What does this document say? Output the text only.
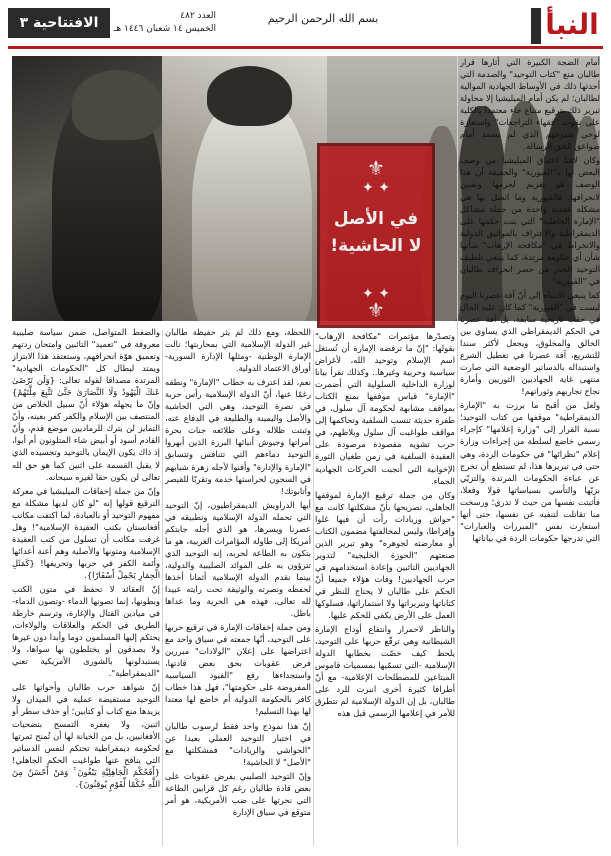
الافتتاحية ٣	العدد ٤٨٢
الخميس ١٤ شعبان ١٤٤٦ هـ
بسم الله الرحمن الرحيم	النبأ
⚜
✦ ✦
في الأصل
لا الحاشية!
✦ ✦
⚜

أمام الضجة الكبيرة التي أثارها قرار طالبان منع "كتاب التوحيد" والصدمة التي أحدثها ذلك في الأوساط الجهادية الموالية لطالبان؛ لم يكن أمام الميليشيا إلا محاولة تبرير ذلك بترقيع متناع جاء معتمدا بالكلية على نقوت "فقهاء التراجعات" واستعارة لوحي شيوخهم الذي لم يصمد أمام صواعق الحق الرسالة.

وكان لافتا اعتناق الميليشيا من وصف البعض لها بـ"القبورية" والحقيقة أن هذا الوصف هو تقزيم لجرمها وتقنين لانحرافها، فالقبورية وما اتصل بها هي مشكلة عقدية واحدة من جملة مشاكل "الإمارة الجاهلية" التي بنت حكمها على الديمقراطية والاعتراف بالمواثيق الدولية والانخراط في "مكافحة الإرهاب" شأنها شأن أي حكومة مرتدة، كما ينبغي تلطيف التوحيد الحذر من حصر انحراف طالبان في "القبورية".

كما ينبغي الانتباه إلى أنّ آفة عصرنا اليوم ليست في "القبورية" كما كان عليه الحال في حقب تاريخية سابقة، بل آفة عصرنا في الحكم الديمقراطي الذي يساوي بين الخالق والمخلوق، ويجعل لأكثر سندا للتشريع، آفة عصرنا في تعطيل الشرع واستبداله بالدساتير الوضعية التي صارت منتهى غاية الجهاديين الثوريين وأمارة نجاح تجاربهم وثوراتهم!

ولعل من أقبح ما برزت به "الإمارة الديمقراطية" موقفها من كتاب التوحيد؛ نسبة القرار إلى "وزارة إعلامها" كإجراء رسمي خاضع لسلطة من إجراءات وزارة إعلام "نظرائها" في حكومات الردة، وهي حتى في تبريرها هذا، لم تستطع أن تخرج عن عباءة الحكومات المرتدة والتزيّي بزيّها والتأسي بسياساتها قولا وفعلا، فأثبتت نفسها من حيث لا تدري؛ ورسخت منا تقاتلت لتنفيه عن نفسها، حتى أنها استعارت نفس "المبررات والعبارات" التي تدرجها حكومات الردة في بياناتها

وتصدّرها مؤتمرات "مكافحة الإرهاب" بقولها: "إنّ ما ترفضه الإمارة أن تُستغل اسم الإسلام وتوحيد الله، لأغراض سياسية وحربية وغيرها.. وكذلك تقرأ بيانا لوزارة الداخلية السلولية التي أضمرت "الإمارة" قياس موقفها بمنع الكتاب بمواقف مشابهة لحكومة آل سلول، في طفرة حديثة تنسب السلفية وتحاكمها إلى مواقف طواغيت آل سلول وبلاطهم، في حرب تشويه مقصودة مرصودة على العقيدة السلفية في زمن طغيان الثورة الإخوانية التي أنجبت الحركات الجهادية الجماء.

وكان من جملة ترقيع الإمارة لموقفها الجاهلي، تصريحها بأنّ مشكلتها كانت مع "حواش وزيادات رأت أن فيها غلوا وإفراطا، وليس لمخالفتها مضمون الكتاب أو معارضته لجوهره" وهو تبرير الذين صنعتهم "الحوزة الخليجية" لتدوير الجهاديين التائبين وإعادة استخدامهم في حرب الجهاديين! وفات هؤلاء جميعا أنّ الحكم على طالبان لا يحتاج للنظر في كتاباتها وتبريراتها ولا استماراتها، فسلوكها العمل على الأرض يكفي للحكم عليها.

والناظر لاحمرار وانتقاع أوداج الإمارة الشيطانية وهي ترقّع حربها على التوحيد، يلحظ كيف خصّت بخطابها الدولة الإسلامية -التي تسمّيها بمسميات قاموس المبتاعين للمصطلحات الإعلامية- مع أنّ أطرافا كثيرة أخرى انبرت للرد على طالبان، بل إن الدولة الإسلامية لم تتطرق للأمر في إعلامها الرسمي قبل هذه

اللحظة، ومع ذلك لم يثر حفيظة طالبان غير الدولة الإسلامية التي بمحاربتها؛ نالت الإمارة الوطنية -ومثلها الإدارة السورية- أوراق الاعتماد الدولية.

نعم، لقد اعترف به خطاب "الإمارة" ونطقه رغمًا عنها، أنّ الدولة الإسلامية رأس حربة في نصرة التوحيد، وهي التي الحاشية والأصل واليمينة والطليعة في الدفاع عنه، وثبتت ظلاله وعلى طلائعه جنات بحرة أمراتها وجيوش أنبائها البرزة الذين أبهروا التوحيد دماءهم التي تتنافس وتتسابق "الإمارة والإدارة" وأفنوا لأجله زهرة شبابهم في السجون لحراستها خدمة وتقربًا للقيصر وأتابوتك!

أيها الدراويش الديمقراطيون، إنّ التوحيد التي تحمله الدولة الإسلامية وتطبيقه في عصرنا ويسرها، هو الذي أجله جابتكم أمريكا إلى طاولة المؤامرات الغربية، هو ما بتكون به الطاعة لحربه، إنه التوحيد الذي تترؤون به على الموائد الصليبية والدولية، بينما نقدم الدولة الإسلامية أثمانا أخذها لحفظه ونصرته والوثيقة تحت رايته عبيدا لله تعالى، فهذه هي الحرية وما عداها باطل.

ومن جملة إخفاقات الإمارة في ترقيع حربها على التوحيد، أنّها جمعته في سياق واحد مع اعتراضها على إعلان "الولادات" مبررين فرض عقوبات بحق بعض قادتها، واستجداءها رفع "القيود السياسية المفروضة على حكومتها"، فهل هذا خطاب كافر بالحكومة الدولية أم خاضع لها معتدا لها بهذا التسليم!

إنّ هذا نموذج واحد فقط لرسوب طالبان في اختبار التوحيد العملي بعيدا عن "الحواشي والزيادات" فمشكلتها مع "الأصل" لا الحاشية!

وإنّ التوحيد الصليبي يفرض عقوبات على بعض قادة طالبان رغم كل قرابين الطاعة التي نحرتها على ضب الأمريكية، هو أمر متوقع في سياق الإدارة

والضغط المتواصل، ضمن سياسة صليبية معروفة في "تعميد" التائبين وامتحان ردتهم وتعميق هوّة انحرافهم، وستعتقد هذا الابتزاز ويمتد ليطال كل "الحكومات الجهادية" المرتدة مصداقا لقوله تعالى: {وَلَن تَرْضَىٰ عَنكَ الْيَهُودُ وَلَا النَّصَارَىٰ حَتَّىٰ تَتَّبِعَ مِلَّتَهُمْ} وإنّ ما يجهله هؤلاء أنّ سبيل الخلاص من المنتصف بين الإسلام والكفر كفر بعينه، وأنّ التمايز لن يترك للرماديين موضع قدم، وأنّ القادم أسود أو أبيض شاء المتلونون أم أبوا، إذ ذاك يكون الإيمان بالتوحيد وتجسيده الذي لا يقبل القسمة على اثنين كما هو حق لله تعالى لن يكون حقا لغيره سبحانه.

وإنّ من جملة إخفاقات الميليشيا في معركة الترقيع قولها إنه "لو كان لديها مشكلة مع مفهوم التوحيد أو بالعبادة، لما اكتفت مكاتب أفغانستان بكتب العقيدة الإسلامية"! وهل غرفت مكاتب أن تسلول من كتب العقيدة الإسلامية ومتونها والأصلية وهم أعنة أعدائها وأئمة الكفر في حربها وتحريفها! {كَمَثَلِ الْحِمَارِ يَحْمِلُ أَسْفَارًا}.

إنّ العقائد لا تحفظ في متون الكتب وبطونها، إنما تصونها الدماء -وتصون الدماء- في ميادين القتال والإغارة، وترسم خارطة الطريق في الحكم والعلاقات والولاءات، يحتكم إليها المسلمون دوما وأبدا دون غيرها ولا يصدقون أو يختلطون بها سواها، ولا يستبدلونها بالشورى الأمريكية تعني "الديمقراطية".

إنّ شواهد حرب طالبان وأخواتها على التوحيد مستفيضة عملية في الميدان ولا يزيدها منع كتاب أو كتابين؛ أو حذف سطر أو اثنين، ولا يغفره التمسح بتضحيات الأفغانيين، بل من الخيانة لها أن تُمنح ثمرتها لحكومة ديمقراطية تحتكم لنفس الدساتير التي ينافح عنها طواغيت الحكم الجاهلي! {أَفَحُكْمَ الْجَاهِلِيَّةِ يَبْغُونَ ۚ وَمَنْ أَحْسَنُ مِنَ اللَّهِ حُكْمًا لِّقَوْمٍ يُوقِنُونَ}.
